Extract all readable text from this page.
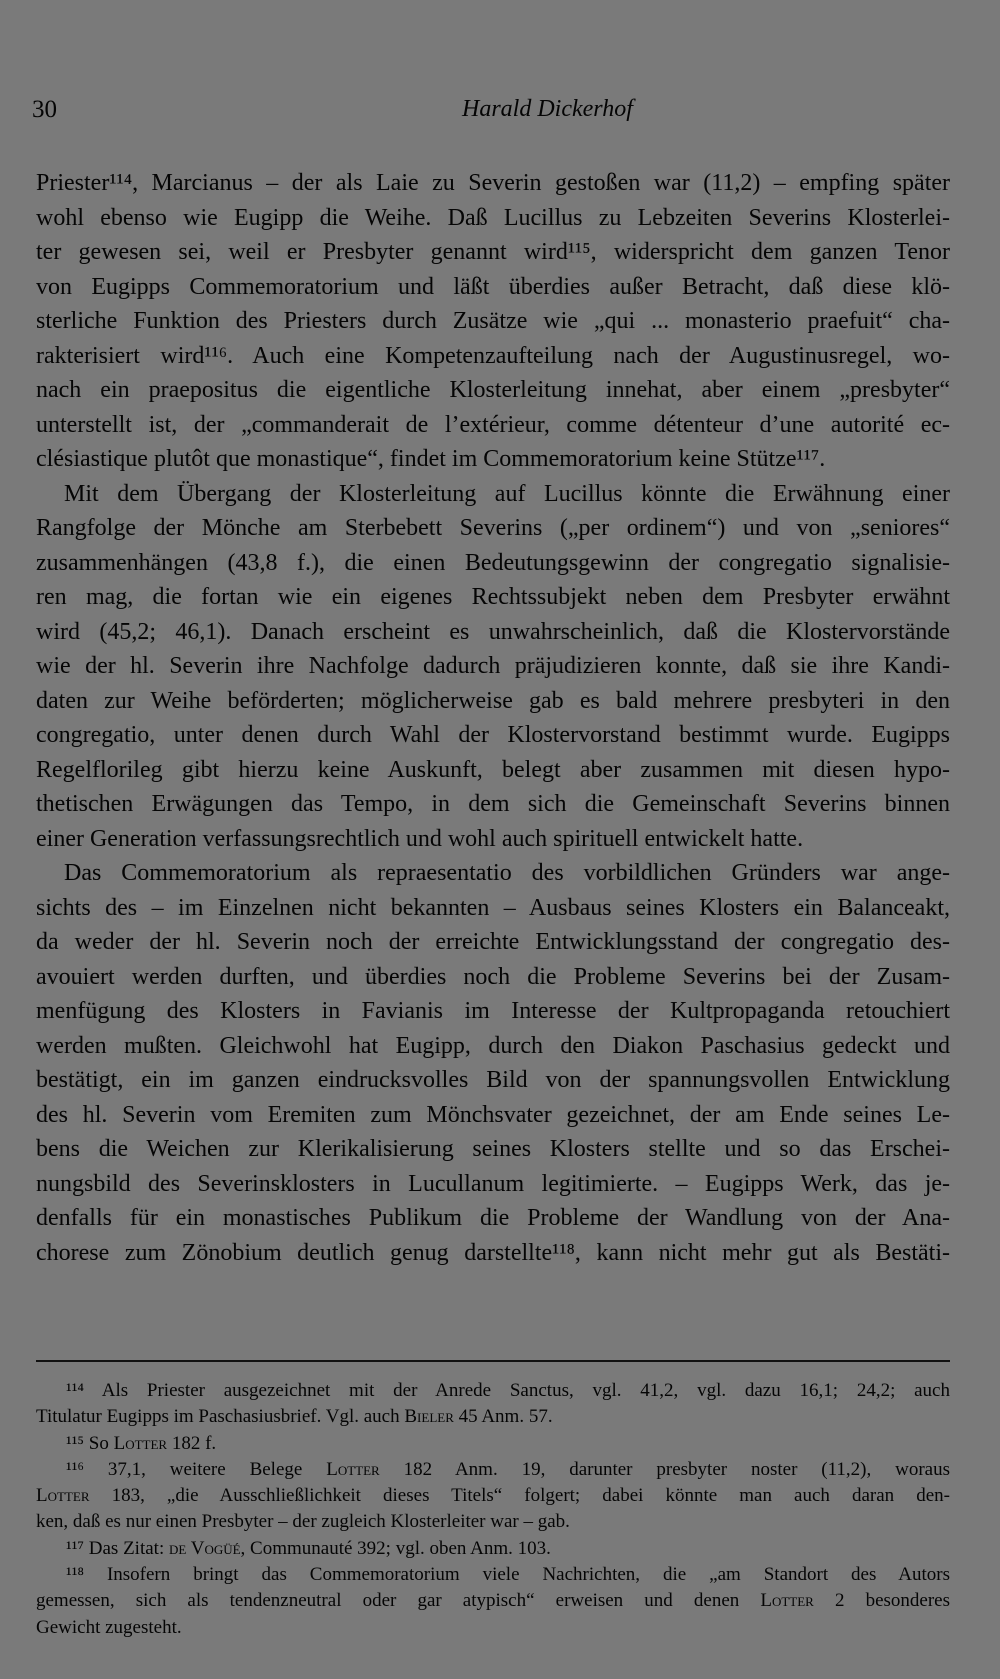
30	Harald Dickerhof
Priester¹¹⁴, Marcianus – der als Laie zu Severin gestoßen war (11,2) – empfing später
wohl ebenso wie Eugipp die Weihe. Daß Lucillus zu Lebzeiten Severins Klosterlei-
ter gewesen sei, weil er Presbyter genannt wird¹¹⁵, widerspricht dem ganzen Tenor
von Eugipps Commemoratorium und läßt überdies außer Betracht, daß diese klö-
sterliche Funktion des Priesters durch Zusätze wie „qui ... monasterio praefuit“ cha-
rakterisiert wird¹¹⁶. Auch eine Kompetenzaufteilung nach der Augustinusregel, wo-
nach ein praepositus die eigentliche Klosterleitung innehat, aber einem „presbyter“
unterstellt ist, der „commanderait de l’extérieur, comme détenteur d’une autorité ec-
clésiastique plutôt que monastique“, findet im Commemoratorium keine Stütze¹¹⁷.
Mit dem Übergang der Klosterleitung auf Lucillus könnte die Erwähnung einer
Rangfolge der Mönche am Sterbebett Severins („per ordinem“) und von „seniores“
zusammenhängen (43,8 f.), die einen Bedeutungsgewinn der congregatio signalisie-
ren mag, die fortan wie ein eigenes Rechtssubjekt neben dem Presbyter erwähnt
wird (45,2; 46,1). Danach erscheint es unwahrscheinlich, daß die Klostervorstände
wie der hl. Severin ihre Nachfolge dadurch präjudizieren konnte, daß sie ihre Kandi-
daten zur Weihe beförderten; möglicherweise gab es bald mehrere presbyteri in den
congregatio, unter denen durch Wahl der Klostervorstand bestimmt wurde. Eugipps
Regelflorileg gibt hierzu keine Auskunft, belegt aber zusammen mit diesen hypo-
thetischen Erwägungen das Tempo, in dem sich die Gemeinschaft Severins binnen
einer Generation verfassungsrechtlich und wohl auch spirituell entwickelt hatte.
Das Commemoratorium als repraesentatio des vorbildlichen Gründers war ange-
sichts des – im Einzelnen nicht bekannten – Ausbaus seines Klosters ein Balanceakt,
da weder der hl. Severin noch der erreichte Entwicklungsstand der congregatio des-
avouiert werden durften, und überdies noch die Probleme Severins bei der Zusam-
menfügung des Klosters in Favianis im Interesse der Kultpropaganda retouchiert
werden mußten. Gleichwohl hat Eugipp, durch den Diakon Paschasius gedeckt und
bestätigt, ein im ganzen eindrucksvolles Bild von der spannungsvollen Entwicklung
des hl. Severin vom Eremiten zum Mönchsvater gezeichnet, der am Ende seines Le-
bens die Weichen zur Klerikalisierung seines Klosters stellte und so das Erschei-
nungsbild des Severinsklosters in Lucullanum legitimierte. – Eugipps Werk, das je-
denfalls für ein monastisches Publikum die Probleme der Wandlung von der Ana-
chorese zum Zönobium deutlich genug darstellte¹¹⁸, kann nicht mehr gut als Bestäti-
¹¹⁴ Als Priester ausgezeichnet mit der Anrede Sanctus, vgl. 41,2, vgl. dazu 16,1; 24,2; auch
Titulatur Eugipps im Paschasiusbrief. Vgl. auch Bieler 45 Anm. 57.
¹¹⁵ So Lotter 182 f.
¹¹⁶ 37,1, weitere Belege Lotter 182 Anm. 19, darunter presbyter noster (11,2), woraus
Lotter 183, „die Ausschließlichkeit dieses Titels“ folgert; dabei könnte man auch daran den-
ken, daß es nur einen Presbyter – der zugleich Klosterleiter war – gab.
¹¹⁷ Das Zitat: de Vogüé, Communauté 392; vgl. oben Anm. 103.
¹¹⁸ Insofern bringt das Commemoratorium viele Nachrichten, die „am Standort des Autors
gemessen, sich als tendenzneutral oder gar atypisch“ erweisen und denen Lotter 2 besonderes
Gewicht zugesteht.
